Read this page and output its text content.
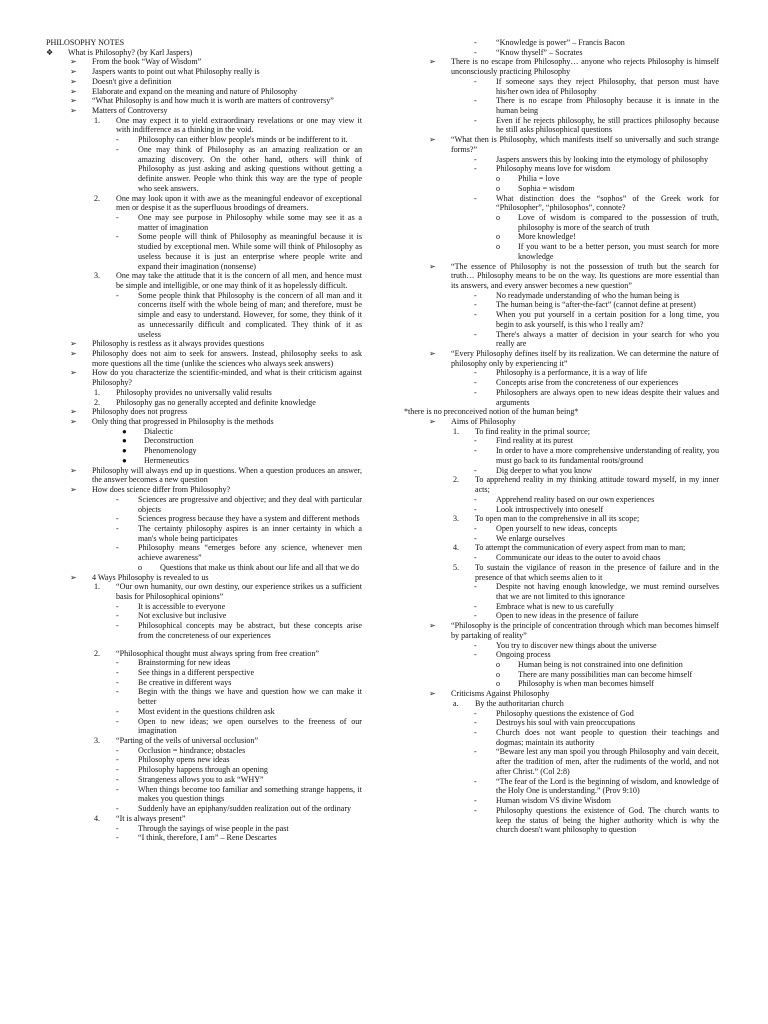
PHILOSOPHY NOTES
❖	What is Philosophy? (by Karl Jaspers)
➢	From the book “Way of Wisdom”
➢	Jaspers wants to point out what Philosophy really is
➢	Doesn't give a definition
➢	Elaborate and expand on the meaning and nature of Philosophy
➢	“What Philosophy is and how much it is worth are matters of controversy”
➢	Matters of Controversy
1.	One may expect it to yield extraordinary revelations or one may view it with indifference as a thinking in the void.
-	Philosophy can either blow people's minds or be indifferent to it.
-	One may think of Philosophy as an amazing realization or an amazing discovery. On the other hand, others will think of Philosophy as just asking and asking questions without getting a definite answer. People who think this way are the type of people who seek answers.
2.	One may look upon it with awe as the meaningful endeavor of exceptional men or despise it as the superfluous broodings of dreamers.
-	One may see purpose in Philosophy while some may see it as a matter of imagination
-	Some people will think of Philosophy as meaningful because it is studied by exceptional men. While some will think of Philosophy as useless because it is just an enterprise where people write and expand their imagination (nonsense)
3.	One may take the attitude that it is the concern of all men, and hence must be simple and intelligible, or one may think of it as hopelessly difficult.
-	Some people think that Philosophy is the concern of all man and it concerns itself with the whole being of man; and therefore, must be simple and easy to understand. However, for some, they think of it as unnecessarily difficult and complicated. They think of it as useless
➢	Philosophy is restless as it always provides questions
➢	Philosophy does not aim to seek for answers. Instead, philosophy seeks to ask more questions all the time (unlike the sciences who always seek answers)
➢	How do you characterize the scientific-minded, and what is their criticism against Philosophy?
1.	Philosophy provides no universally valid results
2.	Philosophy gas no generally accepted and definite knowledge
➢	Philosophy does not progress
➢	Only thing that progressed in Philosophy is the methods
●	Dialectic
●	Deconstruction
●	Phenomenology
●	Hermeneutics
➢	Philosophy will always end up in questions. When a question produces an answer, the answer becomes a new question
➢	How does science differ from Philosophy?
-	Sciences are progressive and objective; and they deal with particular objects
-	Sciences progress because they have a system and different methods
-	The certainty philosophy aspires is an inner certainty in which a man's whole being participates
-	Philosophy means “emerges before any science, whenever men achieve awareness”
o	Questions that make us think about our life and all that we do
➢	4 Ways Philosophy is revealed to us
1.	“Our own humanity, our own destiny, our experience strikes us a sufficient basis for Philosophical opinions”
-	It is accessible to everyone
-	Not exclusive but inclusive
-	Philosophical concepts may be abstract, but these concepts arise from the concreteness of our experiences
2.	“Philosophical thought must always spring from free creation”
-	Brainstorming for new ideas
-	See things in a different perspective
-	Be creative in different ways
-	Begin with the things we have and question how we can make it better
-	Most evident in the questions children ask
-	Open to new ideas; we open ourselves to the freeness of our imagination
3.	“Parting of the veils of universal occlusion”
-	Occlusion = hindrance; obstacles
-	Philosophy opens new ideas
-	Philosophy happens through an opening
-	Strangeness allows you to ask “WHY”
-	When things become too familiar and something strange happens, it makes you question things
-	Suddenly have an epiphany/sudden realization out of the ordinary
4.	“It is always present”
-	Through the sayings of wise people in the past
-	“I think, therefore, I am” – Rene Descartes
-	“Knowledge is power” – Francis Bacon
-	“Know thyself” – Socrates
➢	There is no escape from Philosophy… anyone who rejects Philosophy is himself unconsciously practicing Philosophy
-	If someone says they reject Philosophy, that person must have his/her own idea of Philosophy
-	There is no escape from Philosophy because it is innate in the human being
-	Even if he rejects philosophy, he still practices philosophy because he still asks philosophical questions
➢	“What then is Philosophy, which manifests itself so universally and such strange forms?”
-	Jaspers answers this by looking into the etymology of philosophy
-	Philosophy means love for wisdom
o	Philia = love
o	Sophia = wisdom
-	What distinction does the “sophos” of the Greek work for “Philosopher”, “philosophos”, connote?
o	Love of wisdom is compared to the possession of truth, philosophy is more of the search of truth
o	More knowledge!
o	If you want to be a better person, you must search for more knowledge
➢	“The essence of Philosophy is not the possession of truth but the search for truth… Philosophy means to be on the way. Its questions are more essential than its answers, and every answer becomes a new question”
-	No readymade understanding of who the human being is
-	The human being is “after-the-fact” (cannot define at present)
-	When you put yourself in a certain position for a long time, you begin to ask yourself, is this who I really am?
-	There's always a matter of decision in your search for who you really are
➢	“Every Philosophy defines itself by its realization. We can determine the nature of philosophy only by experiencing it”
-	Philosophy is a performance, it is a way of life
-	Concepts arise from the concreteness of our experiences
-	Philosophers are always open to new ideas despite their values and arguments
*there is no preconceived notion of the human being*
➢	Aims of Philosophy
1.	To find reality in the primal source;
-	Find reality at its purest
-	In order to have a more comprehensive understanding of reality, you must go back to its fundamental roots/ground
-	Dig deeper to what you know
2.	To apprehend reality in my thinking attitude toward myself, in my inner acts;
-	Apprehend reality based on our own experiences
-	Look introspectively into oneself
3.	To open man to the comprehensive in all its scope;
-	Open yourself to new ideas, concepts
-	We enlarge ourselves
4.	To attempt the communication of every aspect from man to man;
-	Communicate our ideas to the outer to avoid chaos
5.	To sustain the vigilance of reason in the presence of failure and in the presence of that which seems alien to it
-	Despite not having enough knowledge, we must remind ourselves that we are not limited to this ignorance
-	Embrace what is new to us carefully
-	Open to new ideas in the presence of failure
➢	“Philosophy is the principle of concentration through which man becomes himself by partaking of reality”
-	You try to discover new things about the universe
-	Ongoing process
o	Human being is not constrained into one definition
o	There are many possibilities man can become himself
o	Philosophy is when man becomes himself
➢	Criticisms Against Philosophy
a.	By the authoritarian church
-	Philosophy questions the existence of God
-	Destroys his soul with vain preoccupations
-	Church does not want people to question their teachings and dogmas; maintain its authority
-	“Beware lest any man spoil you through Philosophy and vain deceit, after the tradition of men, after the rudiments of the world, and not after Christ.” (Col 2:8)
-	“The fear of the Lord is the beginning of wisdom, and knowledge of the Holy One is understanding.” (Prov 9:10)
-	Human wisdom VS divine Wisdom
-	Philosophy questions the existence of God. The church wants to keep the status of being the higher authority which is why the church doesn't want philosophy to question
